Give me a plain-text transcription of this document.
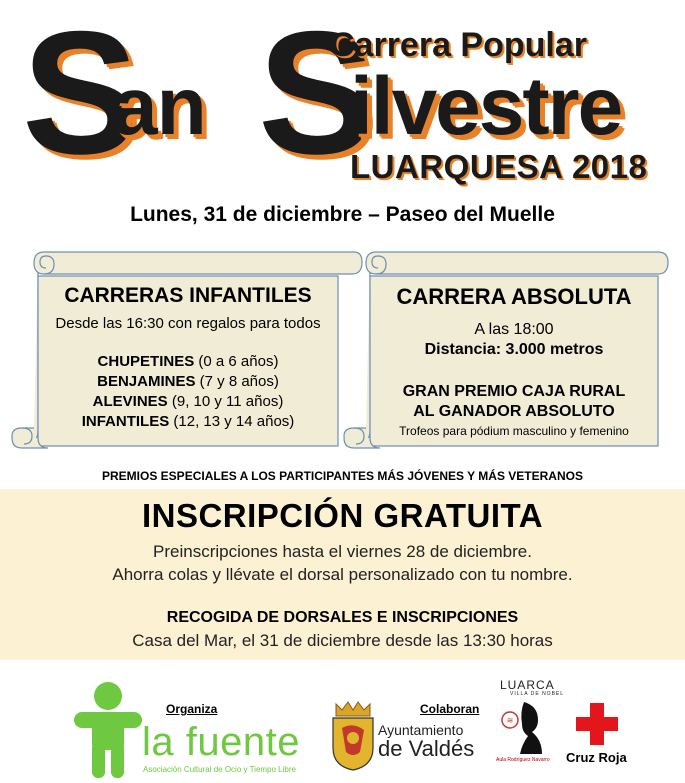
S
an S
ilvestre
Carrera Popular
LUARQUESA 2018
Lunes, 31 de diciembre – Paseo del Muelle
CARRERAS INFANTILES
Desde las 16:30 con regalos para todos
CHUPETINES (0 a 6 años)
BENJAMINES (7 y 8 años)
ALEVINES (9, 10 y 11 años)
INFANTILES (12, 13 y 14 años)
CARRERA ABSOLUTA
A las 18:00
Distancia: 3.000 metros
GRAN PREMIO CAJA RURAL
AL GANADOR ABSOLUTO
Trofeos para pódium masculino y femenino
PREMIOS ESPECIALES A LOS PARTICIPANTES MÁS JÓVENES Y MÁS VETERANOS
INSCRIPCIÓN GRATUITA
Preinscripciones hasta el viernes 28 de diciembre.
Ahorra colas y llévate el dorsal personalizado con tu nombre.
RECOGIDA DE DORSALES E INSCRIPCIONES
Casa del Mar, el 31 de diciembre desde las 13:30 horas
Organiza
la fuente
Asociación Cultural de Ocio y Tiempo Libre
Ayuntamiento
de Valdés
Colaboran
LUARCA
VILLA DE NOBEL
≋
Aula Rodríguez Navarro Cruz Roja
